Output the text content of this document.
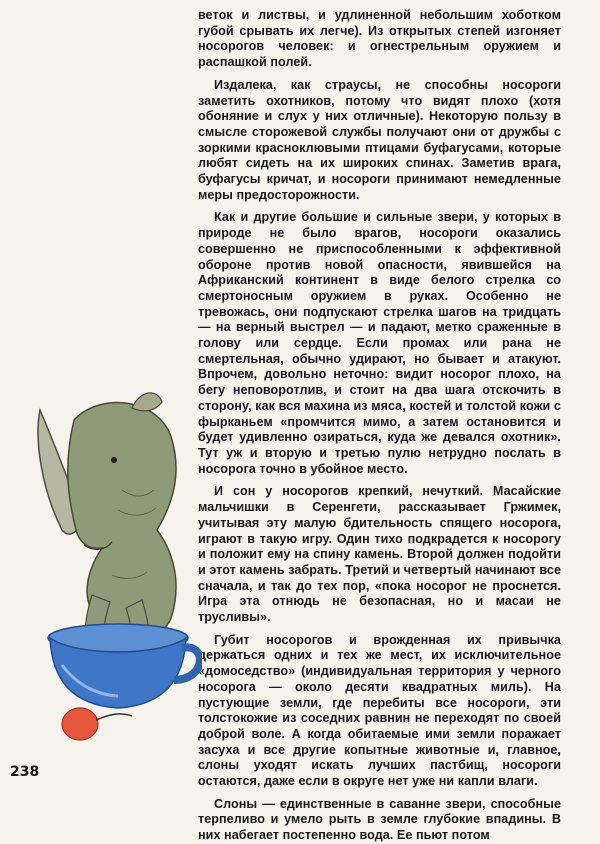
веток и листвы, и удлиненной небольшим хоботком губой срывать их легче). Из открытых степей изгоняет носорогов человек: и огнестрельным оружием и распашкой полей.

Издалека, как страусы, не способны носороги заметить охотников, потому что видят плохо (хотя обоняние и слух у них отличные). Некоторую пользу в смысле сторожевой службы получают они от дружбы с зоркими красноклювыми птицами буфагусами, которые любят сидеть на их широких спинах. Заметив врага, буфагусы кричат, и носороги принимают немедленные меры предосторожности.

Как и другие большие и сильные звери, у которых в природе не было врагов, носороги оказались совершенно не приспособленными к эффективной обороне против новой опасности, явившейся на Африканский континент в виде белого стрелка со смертоносным оружием в руках. Особенно не тревожась, они подпускают стрелка шагов на тридцать — на верный выстрел — и падают, метко сраженные в голову или сердце. Если промах или рана не смертельная, обычно удирают, но бывает и атакуют. Впрочем, довольно неточно: видит носорог плохо, на бегу неповоротлив, и стоит на два шага отскочить в сторону, как вся махина из мяса, костей и толстой кожи с фырканьем «промчится мимо, а затем остановится и будет удивленно озираться, куда же девался охотник». Тут уж и вторую и третью пулю нетрудно послать в носорога точно в убойное место.

И сон у носорогов крепкий, нечуткий. Масайские мальчишки в Серенгети, рассказывает Гржимек, учитывая эту малую бдительность спящего носорога, играют в такую игру. Один тихо подкрадется к носорогу и положит ему на спину камень. Второй должен подойти и этот камень забрать. Третий и четвертый начинают все сначала, и так до тех пор, «пока носорог не проснется. Игра эта отнюдь не безопасная, но и масаи не трусливы».

Губит носорогов и врожденная их привычка держаться одних и тех же мест, их исключительное «домоседство» (индивидуальная территория у черного носорога — около десяти квадратных миль). На пустующие земли, где перебиты все носороги, эти толстокожие из соседних равнин не переходят по своей доброй воле. А когда обитаемые ими земли поражает засуха и все другие копытные животные и, главное, слоны уходят искать лучших пастбищ, носороги остаются, даже если в округе нет уже ни капли влаги.

Слоны — единственные в саванне звери, способные терпеливо и умело рыть в земле глубокие впадины. В них набегает постепенно вода. Ее пьют потом

238
